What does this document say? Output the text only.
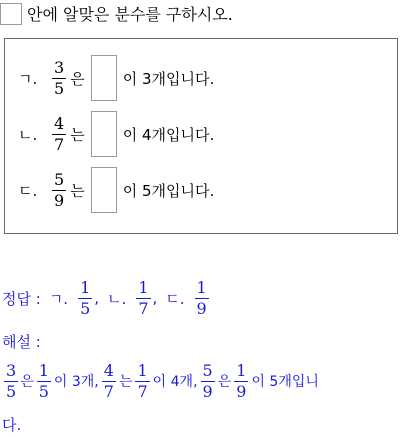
안에 알맞은 분수를 구하시오.
ㄱ. $\frac{3}{5}$ 은	이 3개입니다.
ㄴ. $\frac{4}{7}$ 는	이 4개입니다.
ㄷ. $\frac{5}{9}$ 는	이 5개입니다.
정답 : ㄱ. $\frac{1}{5}$ , ㄴ. $\frac{1}{7}$ , ㄷ. $\frac{1}{9}$
해설 :
$\frac{3}{5}$ 은 $\frac{1}{5}$ 이 3개, $\frac{4}{7}$ 는 $\frac{1}{7}$ 이 4개, $\frac{5}{9}$ 은 $\frac{1}{9}$ 이 5개입니
다.
